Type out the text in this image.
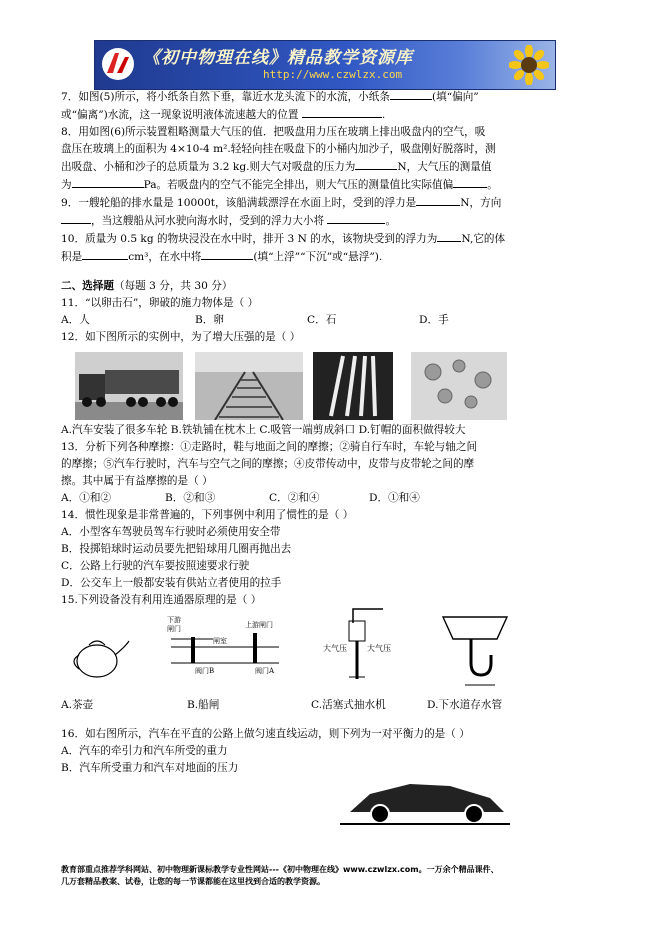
《初中物理在线》精品教学资源库
http://www.czwlzx.com

7．如图(5)所示，将小纸条自然下垂，靠近水龙头流下的水流，小纸条	(填“偏向”

或“偏离”)水流，这一现象说明液体流速越大的位置	.

8．用如图(6)所示装置粗略测量大气压的值．把吸盘用力压在玻璃上排出吸盘内的空气，吸

盘压在玻璃上的面积为 4×10-4 m².轻轻向挂在吸盘下的小桶内加沙子，吸盘刚好脱落时，测

出吸盘、小桶和沙子的总质量为 3.2 kg.则大气对吸盘的压力为	N，大气压的测量值

为	Pa。若吸盘内的空气不能完全排出，则大气压的测量值比实际值偏	。

9．一艘轮船的排水量是 10000t，该船满载漂浮在水面上时，受到的浮力是	N，方向

，当这艘船从河水驶向海水时，受到的浮力大小将	。

10．质量为 0.5 kg 的物块浸没在水中时，排开 3 N 的水，该物块受到的浮力为 N,它的体

积是	cm³，在水中将	(填“上浮”“下沉”或“悬浮”).

二、选择题（每题 3 分，共 30 分）

11．“以卵击石”，卵破的施力物体是（ ）

A．人	B．卵	C．石	D．手

12．如下图所示的实例中，为了增大压强的是（ ）

A.汽车安装了很多车轮 B.铁轨铺在枕木上 C.吸管一端剪成斜口 D.钉帽的面积做得较大

13．分析下列各种摩擦：①走路时，鞋与地面之间的摩擦；②骑自行车时，车轮与轴之间

的摩擦；⑤汽车行驶时，汽车与空气之间的摩擦；④皮带传动中，皮带与皮带轮之间的摩

擦。其中属于有益摩擦的是（ ）

A．①和②	B．②和③	C．②和④	D．①和④

14．惯性现象是非常普遍的，下列事例中利用了惯性的是（ ）

A．小型客车驾驶员驾车行驶时必须使用安全带

B．投掷铅球时运动员要先把铅球用几圈再抛出去

C．公路上行驶的汽车要按照速要求行驶

D．公交车上一般都安装有供站立者使用的拉手

15.下列设备没有利用连通器原理的是（ ）

下游
闸门
闸室
上游闸门
阀门B	阀门A
大气压	大气压
A.茶壶	B.船闸	C.活塞式抽水机	D.下水道存水管

16．如右图所示，汽车在平直的公路上做匀速直线运动，则下列为一对平衡力的是（ ）

A．汽车的牵引力和汽车所受的重力

B．汽车所受重力和汽车对地面的压力

教育部重点推荐学科网站、初中物理新课标教学专业性网站---《初中物理在线》www.czwlzx.com。一万余个精品课件、
几万套精品教案、试卷，让您的每一节课都能在这里找到合适的教学资源。
